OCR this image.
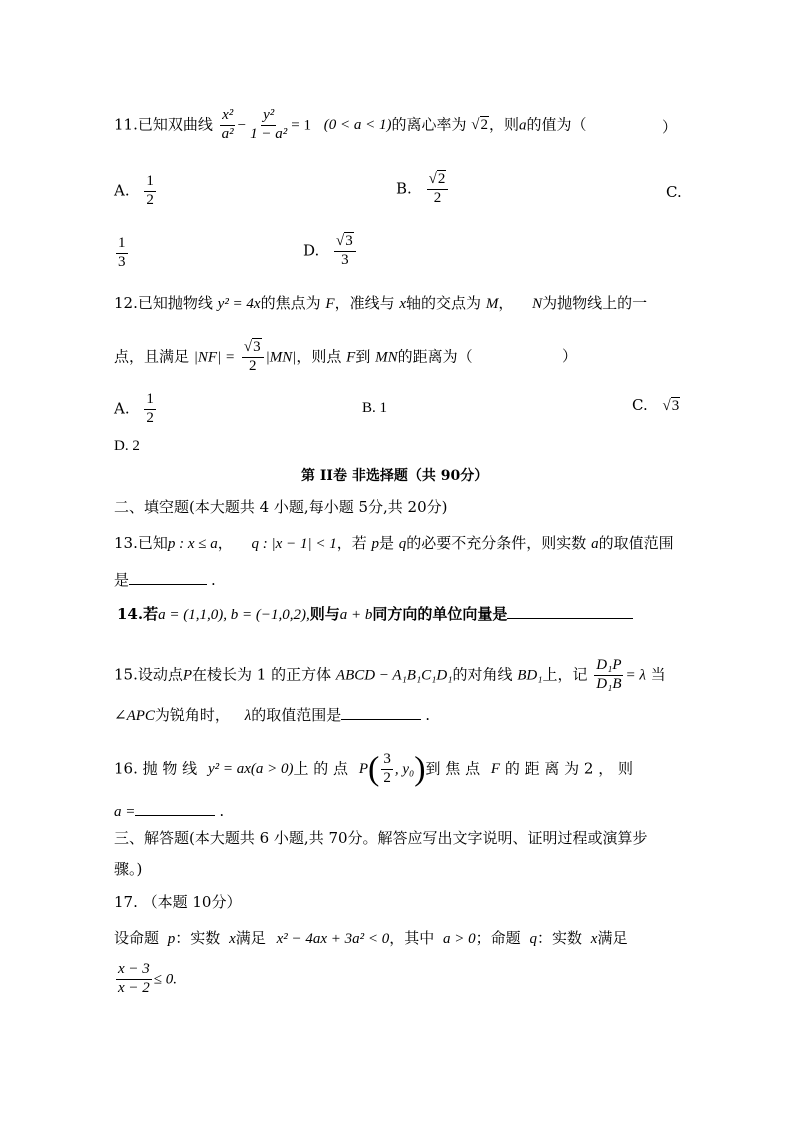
11.已知双曲线 $\frac{\text{x²}}{\text{a²}} - \frac{\text{y²}}{\text{1 − a²}} = 1$ (0 < a < 1)的离心率为 √2，则a的值为（	）
A. $\frac{1}{2}$	B. $\frac{√2}{2}$	C.
$\frac{1}{3}$	D. $\frac{√3}{3}$
12.已知抛物线 y² = 4x的焦点为 F，准线与 x轴的交点为 M， N为抛物线上的一
点，且满足 $|NF| = \frac{√3}{2} |MN|$，则点 F到 MN的距离为（	）
A. $\frac{1}{2}$	B. 1	C. √3
D. 2
第 II卷 非选择题（共 90分）
二、填空题(本大题共 4 小题,每小题 5分,共 20分)
13.已知p : x ≤ a， q : |x − 1| < 1，若 p是 q的必要不充分条件，则实数 a的取值范围
是	.
14.若a = (1,1,0), b = (−1,0,2),则与a + b同方向的单位向量是
15.设动点P在棱长为 1 的正方体 ABCD − A₁B₁C₁D₁的对角线 BD₁上，记 $\frac{\text{D₁P}}{\text{D₁B}} = \lambda$ 当
∠APC为锐角时， λ的取值范围是	.
16. 抛 物 线 y² = ax(a > 0)上 的 点 $P( \frac{3}{2}$ , y₀)到 焦 点 F 的 距 离 为 2 ， 则
a =	.
三、解答题(本大题共 6 小题,共 70分。解答应写出文字说明、证明过程或演算步
骤。)
17. （本题 10分）
设命题 p：实数 x满足 x² − 4ax + 3a² < 0，其中 a > 0；命题 q：实数 x满足
$\frac{x - 3}{x - 2} \le 0$.
